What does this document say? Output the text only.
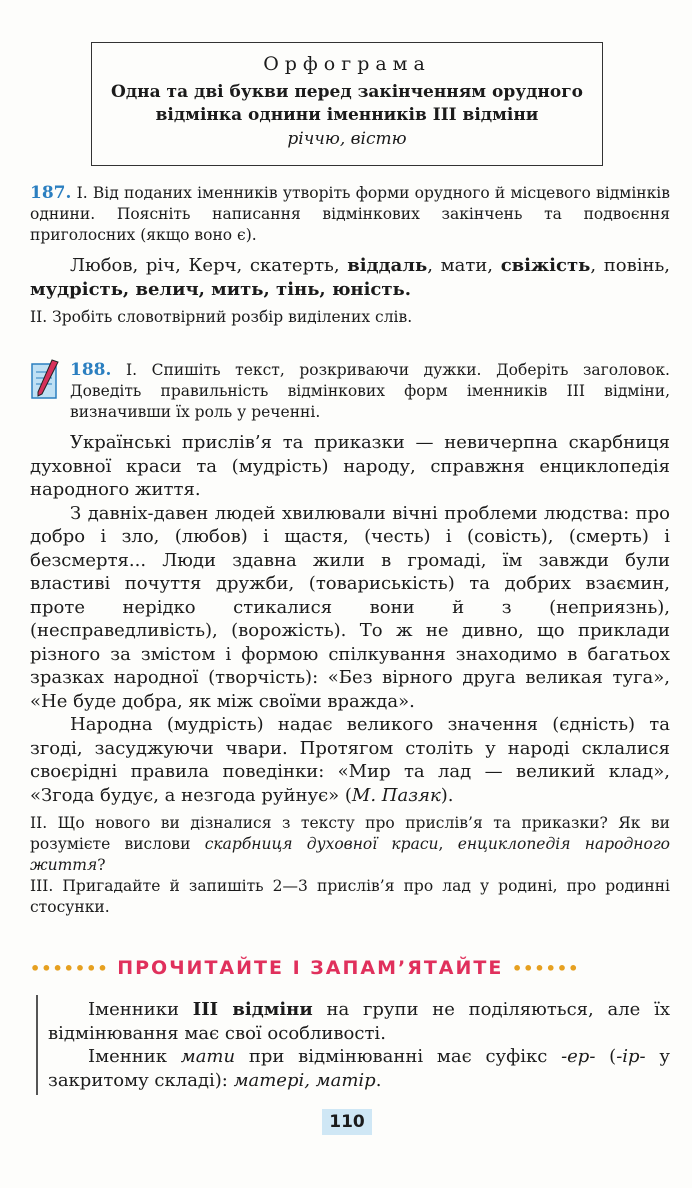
Орфограма
Одна та дві букви перед закінченням орудного відмінка однини іменників III відміни
річчю, вістю

187. І. Від поданих іменників утворіть форми орудного й місцевого відмінків однини. Поясніть написання відмінкових закінчень та подвоєння приголосних (якщо воно є).

Любов, річ, Керч, скатерть, віддаль, мати, свіжість, повінь, мудрість, велич, мить, тінь, юність.

ІІ. Зробіть словотвірний розбір виділених слів.

188. І. Спишіть текст, розкриваючи дужки. Доберіть заголовок. Доведіть правильність відмінкових форм іменників ІІІ відміни, визначивши їх роль у реченні.

Українські прислів’я та приказки — невичерпна скарбниця духовної краси та (мудрість) народу, справжня енциклопедія народного життя.

З давніх-давен людей хвилювали вічні проблеми людства: про добро і зло, (любов) і щастя, (честь) і (совість), (смерть) і безсмертя... Люди здавна жили в громаді, їм завжди були властиві почуття дружби, (товариськість) та добрих взаємин, проте нерідко стикалися вони й з (неприязнь), (несправедливість), (ворожість). То ж не дивно, що приклади різного за змістом і формою спілкування знаходимо в багатьох зразках народної (творчість): «Без вірного друга великая туга», «Не буде добра, як між своїми вражда».

Народна (мудрість) надає великого значення (єдність) та згоді, засуджуючи чвари. Протягом століть у народі склалися своєрідні правила поведінки: «Мир та лад — великий клад», «Згода будує, а незгода руйнує» (М. Пазяк).

ІІ. Що нового ви дізналися з тексту про прислів’я та приказки? Як ви розумієте вислови скарбниця духовної краси, енциклопедія народного життя?

ІІІ. Пригадайте й запишіть 2—3 прислів’я про лад у родині, про родинні стосунки.

••••••• ПРОЧИТАЙТЕ І ЗАПАМ’ЯТАЙТЕ ••••••

Іменники III відміни на групи не поділяються, але їх відмінювання має свої особливості.

Іменник мати при відмінюванні має суфікс -ер- (-ір- у закритому складі): матері, матір.

110
